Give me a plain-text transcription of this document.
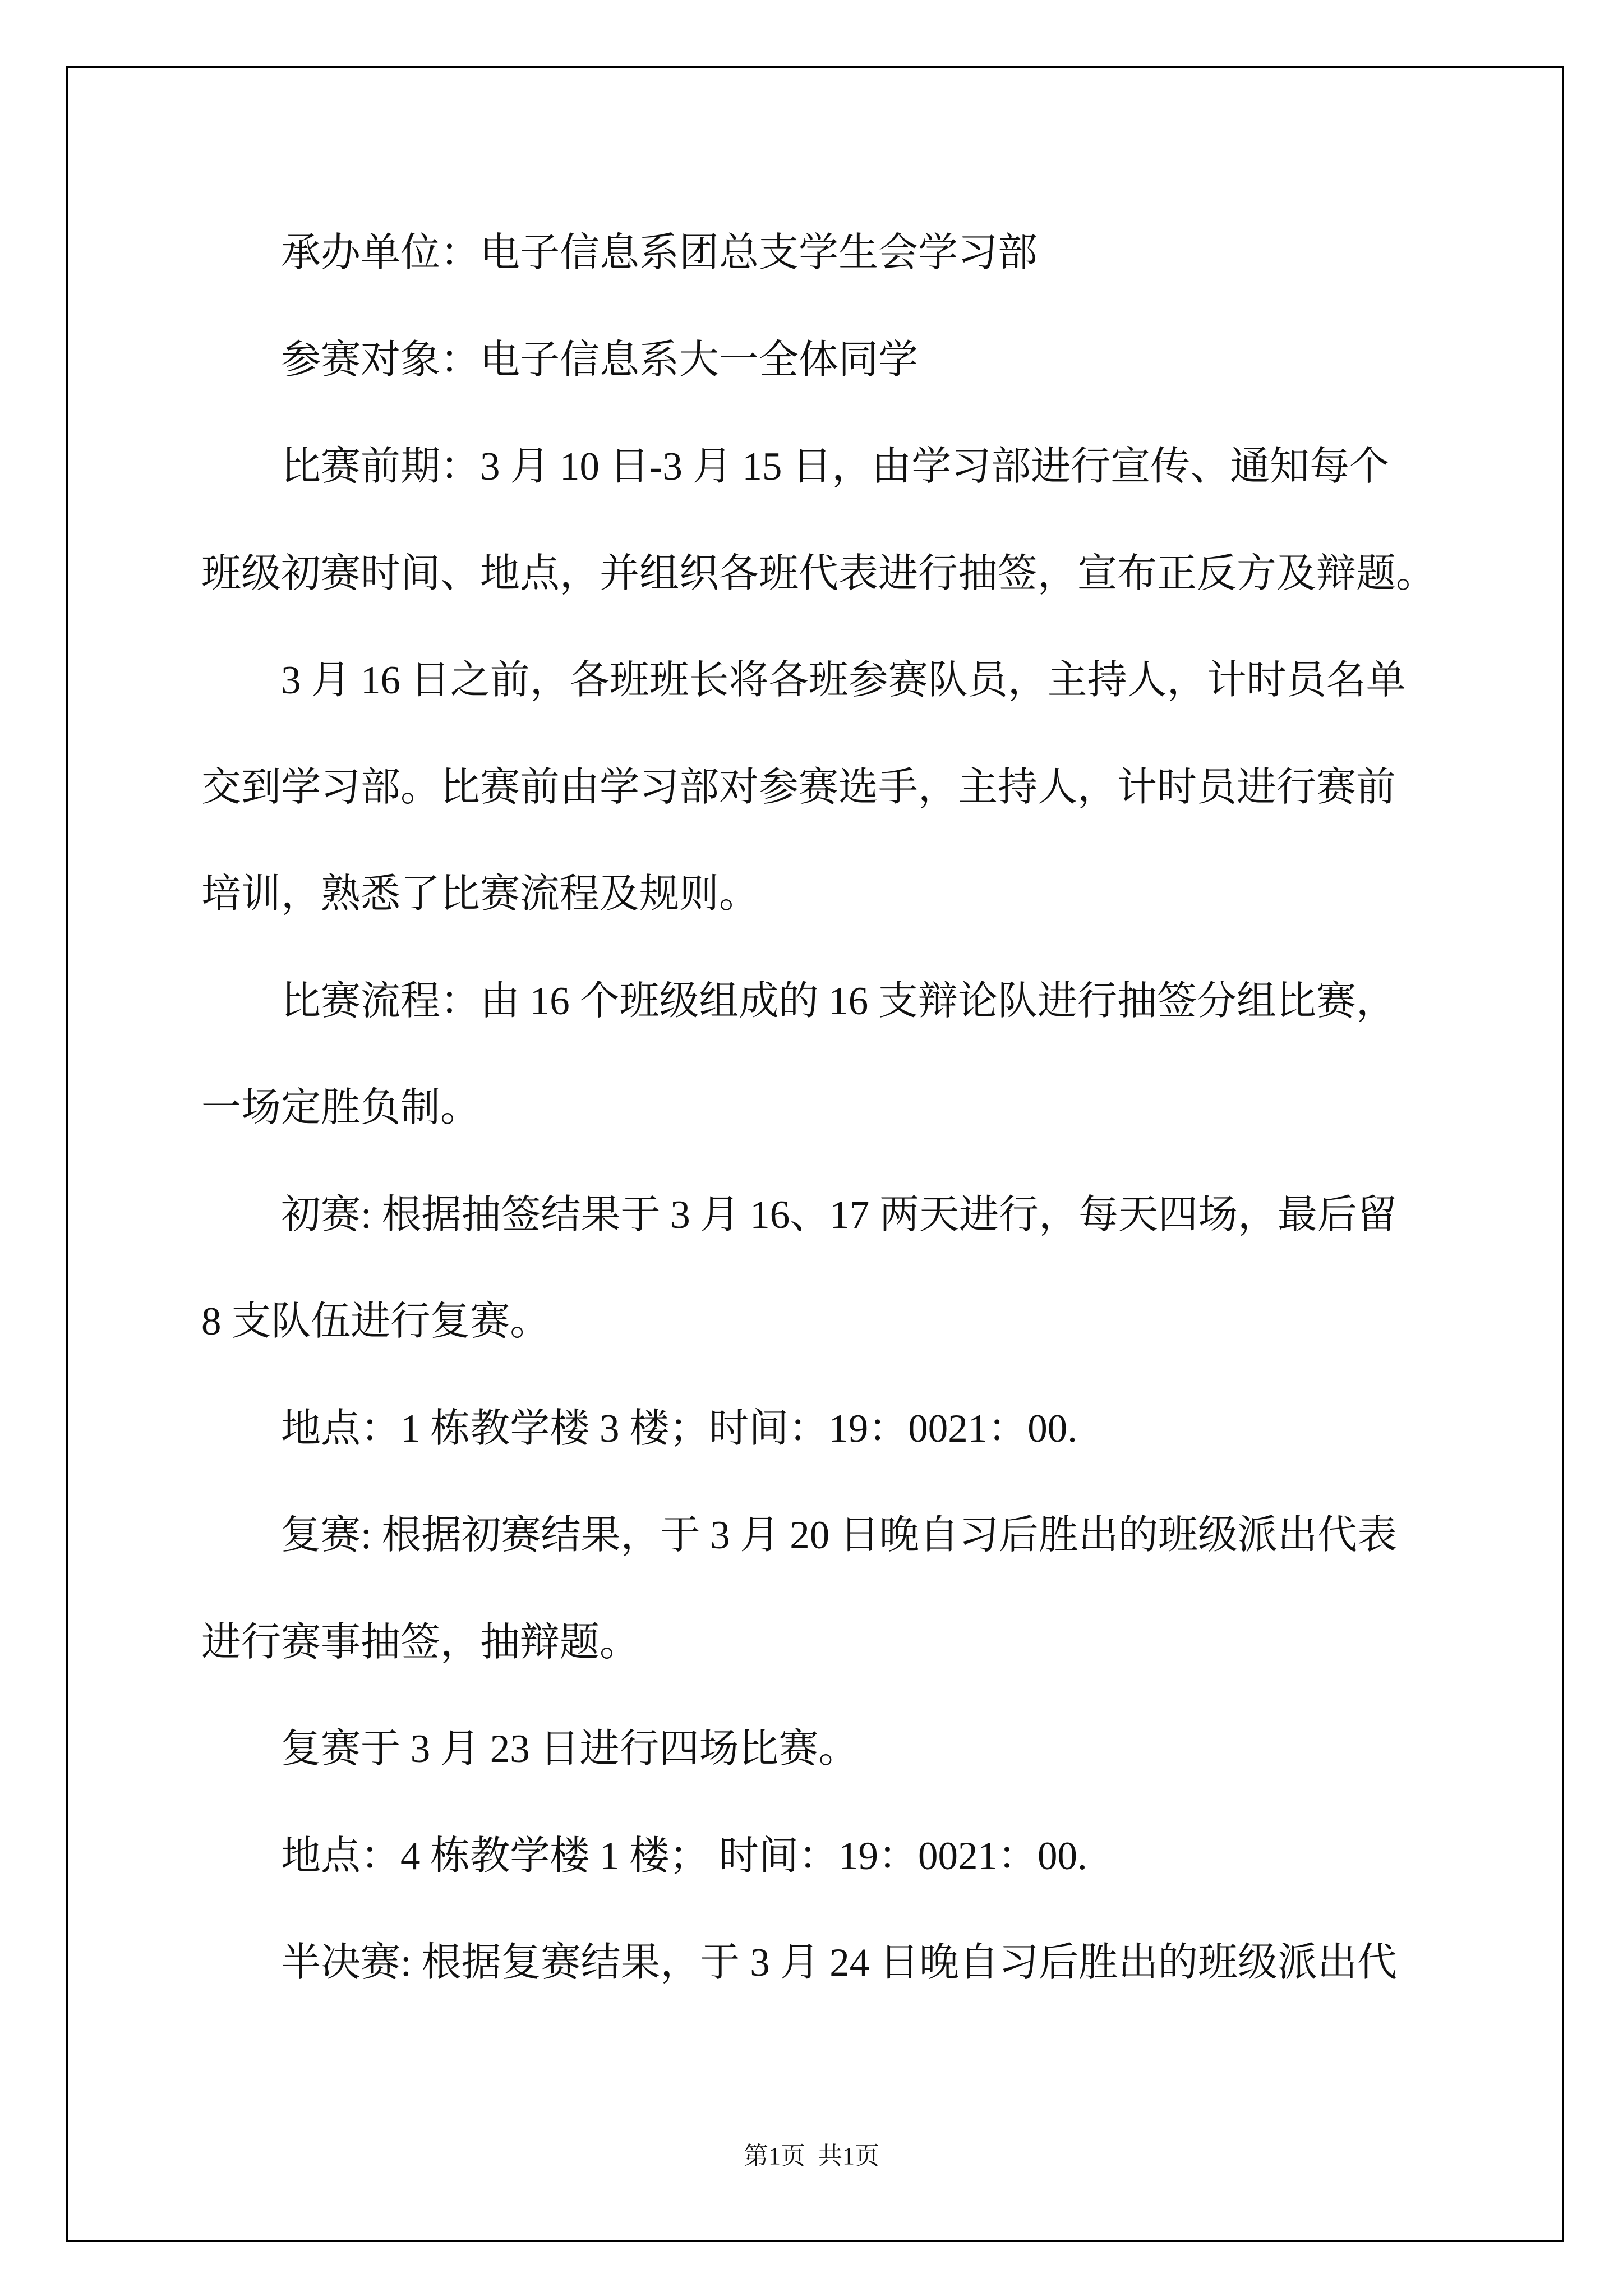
承办单位：电子信息系团总支学生会学习部
参赛对象：电子信息系大一全体同学
比赛前期：3 月 10 日-3 月 15 日，由学习部进行宣传、通知每个
班级初赛时间、地点，并组织各班代表进行抽签，宣布正反方及辩题。
3 月 16 日之前，各班班长将各班参赛队员，主持人，计时员名单
交到学习部。比赛前由学习部对参赛选手，主持人，计时员进行赛前
培训，熟悉了比赛流程及规则。
比赛流程：由 16 个班级组成的 16 支辩论队进行抽签分组比赛，
一场定胜负制。
初赛: 根据抽签结果于 3 月 16、17 两天进行，每天四场，最后留
8 支队伍进行复赛。
地点：1 栋教学楼 3 楼；时间：19：0021：00.
复赛: 根据初赛结果，于 3 月 20 日晚自习后胜出的班级派出代表
进行赛事抽签，抽辩题。
复赛于 3 月 23 日进行四场比赛。
地点：4 栋教学楼 1 楼； 时间：19：0021：00.
半决赛: 根据复赛结果，于 3 月 24 日晚自习后胜出的班级派出代
第1页  共1页
